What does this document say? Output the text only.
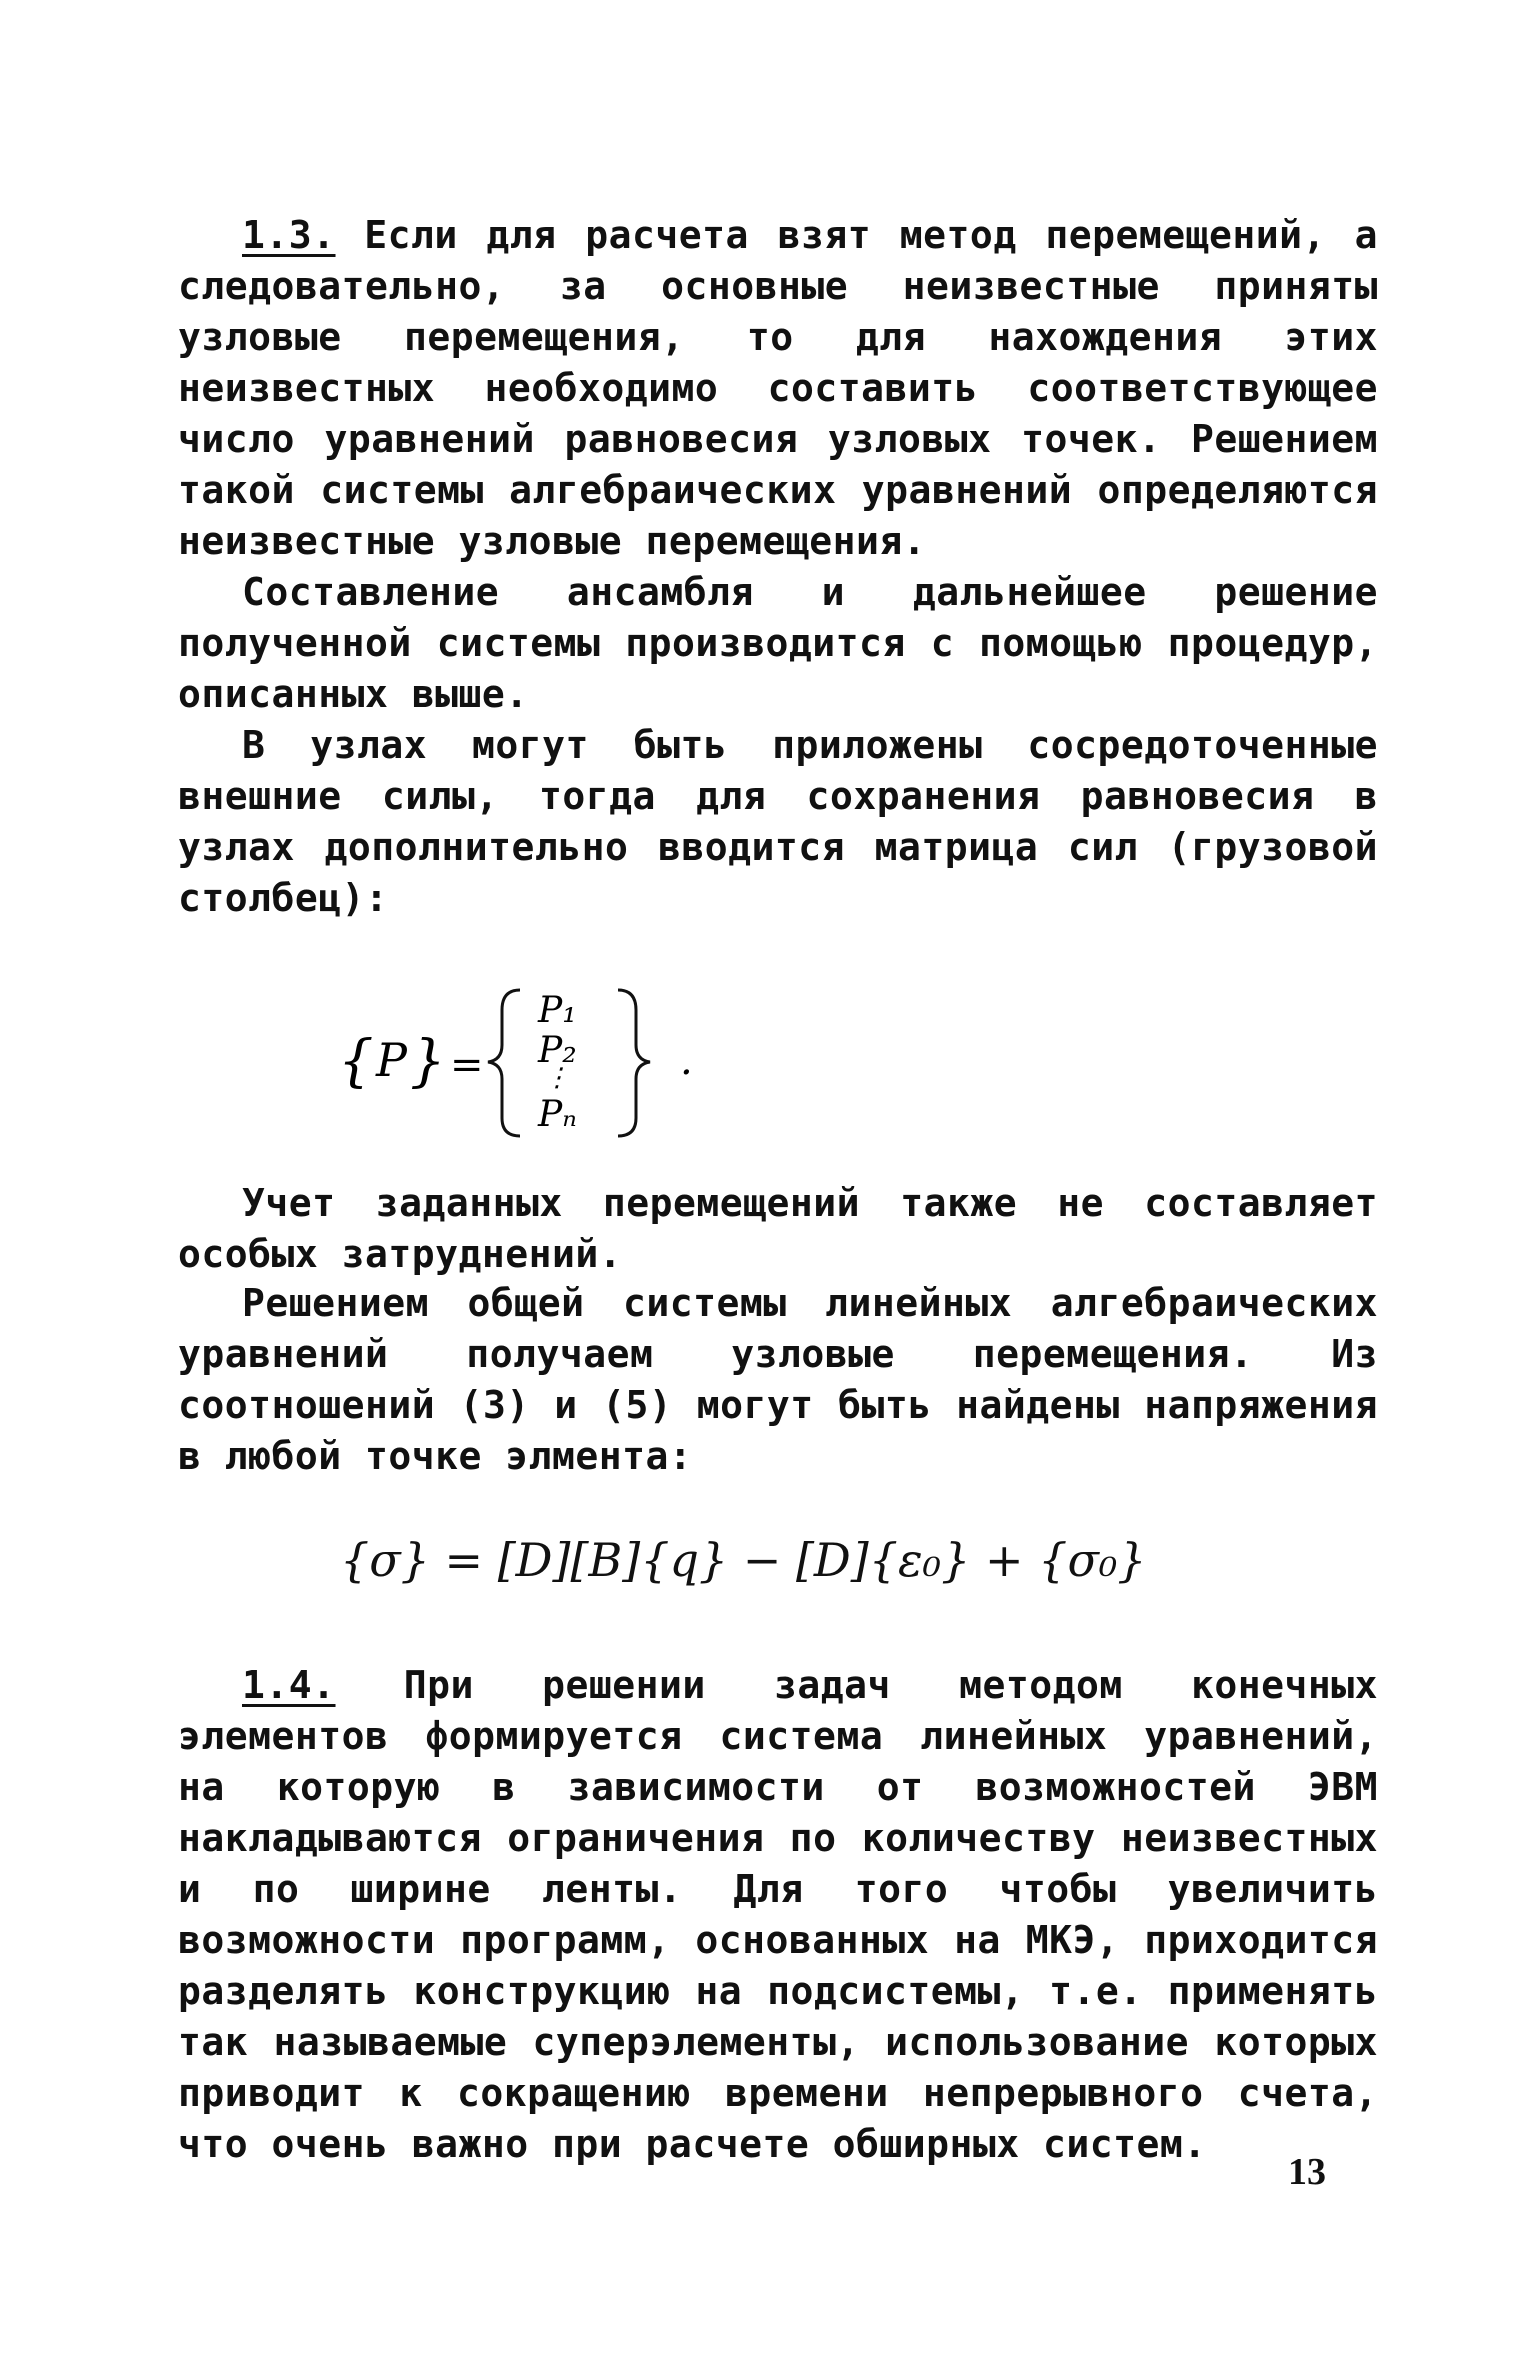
1.3. Если для расчета взят метод перемещений, а следовательно, за основные неизвестные приняты узловые перемещения, то для нахождения этих неизвестных необходимо составить соответствующее число уравнений равновесия узловых точек. Решением такой системы алгебраических уравнений определяются неизвестные узловые перемещения.
Составление ансамбля и дальнейшее решение полученной системы производится с помощью процедур, описанных выше.
В узлах могут быть приложены сосредоточенные внешние силы, тогда для сохранения равновесия в узлах дополнительно вводится матрица сил (грузовой столбец):
{ P } =
P₁
P₂
⋮
Pₙ
.
Учет заданных перемещений также не составляет особых затруднений.
Решением общей системы линейных алгебраических уравнений получаем узловые перемещения. Из соотношений (3) и (5) могут быть найдены напряжения в любой точке элмента:
{σ} = [D][B]{q} − [D]{ε₀} + {σ₀}
1.4. При решении задач методом конечных элементов формируется система линейных уравнений, на которую в зависимости от возможностей ЭВМ накладываются ограничения по количеству неизвестных и по ширине ленты. Для того чтобы увеличить возможности программ, основанных на МКЭ, приходится разделять конструкцию на подсистемы, т.е. применять так называемые суперэлементы, использование которых приводит к сокращению времени непрерывного счета, что очень важно при расчете обширных систем.
13
